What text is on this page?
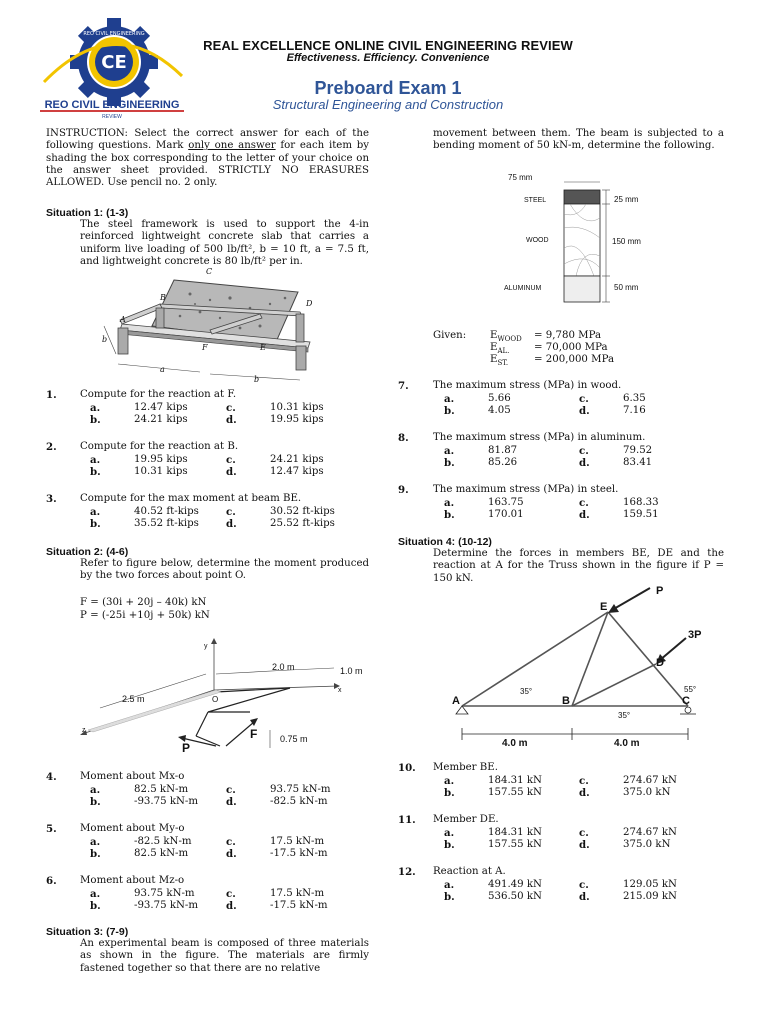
CE
REO CIVIL ENGINEERING
REO CIVIL ENGINEERING
REVIEW
REAL EXCELLENCE ONLINE CIVIL ENGINEERING REVIEW
Effectiveness. Efficiency. Convenience
Preboard Exam 1
Structural Engineering and Construction
INSTRUCTION: Select the correct answer for each of the following questions. Mark only one answer for each item by shading the box corresponding to the letter of your choice on the answer sheet provided. STRICTLY NO ERASURES ALLOWED. Use pencil no. 2 only.
Situation 1: (1-3)
The steel framework is used to support the 4-in reinforced lightweight concrete slab that carries a uniform live loading of 500 lb/ft², b = 10 ft, a = 7.5 ft, and lightweight concrete is 80 lb/ft² per in.
C
B
D
A
F	E
b
a
b
1. Compute for the reaction at F.
a.	12.47 kips	c.	10.31 kips
b.	24.21 kips	d.	19.95 kips
2. Compute for the reaction at B.
a.	19.95 kips	c.	24.21 kips
b.	10.31 kips	d.	12.47 kips
3. Compute for the max moment at beam BE.
a.	40.52 ft-kips	c.	30.52 ft-kips
b.	35.52 ft-kips	d.	25.52 ft-kips
4. Moment about Mx-o
a.	82.5 kN-m	c.	93.75 kN-m
b.	-93.75 kN-m	d.	-82.5 kN-m
5. Moment about My-o
a.	-82.5 kN-m	c.	17.5 kN-m
b.	82.5 kN-m	d.	-17.5 kN-m
6. Moment about Mz-o
a.	93.75 kN-m	c.	17.5 kN-m
b.	-93.75 kN-m	d.	-17.5 kN-m
Situation 2: (4-6)
Refer to figure below, determine the moment produced by the two forces about point O.
F = (30i + 20j – 40k) kN
P = (-25i +10j + 50k) kN
y
2.0 m	1.0 m
2.5 m
x
z
O
F
P
0.75 m
Situation 3: (7-9)
An experimental beam is composed of three materials as shown in the figure. The materials are firmly fastened together so that there are no relative
movement between them. The beam is subjected to a bending moment of 50 kN-m, determine the following.
75 mm
STEEL
WOOD
ALUMINUM
25 mm
150 mm
50 mm
Given: $E_{WOOD} = 9,780$ MPa
$E_{AL.} = 70,000$ MPa
$E_{ST.}$	= 200,000 MPa
7. The maximum stress (MPa) in wood.
a.	5.66	c.	6.35
b.	4.05	d.	7.16
8. The maximum stress (MPa) in aluminum.
a.	81.87	c.	79.52
b.	85.26	d.	83.41
9. The maximum stress (MPa) in steel.
a.	163.75	c.	168.33
b.	170.01	d.	159.51
10. Member BE.
a.	184.31 kN	c.	274.67 kN
b.	157.55 kN	d.	375.0 kN
11. Member DE.
a.	184.31 kN	c.	274.67 kN
b.	157.55 kN	d.	375.0 kN
12. Reaction at A.
a.	491.49 kN	c.	129.05 kN
b.	536.50 kN	d.	215.09 kN
Situation 4: (10-12)
Determine the forces in members BE, DE and the reaction at A for the Truss shown in the figure if P = 150 kN.
P
E
3P
D
A	B	C
35°	55°
35°
4.0 m	4.0 m
